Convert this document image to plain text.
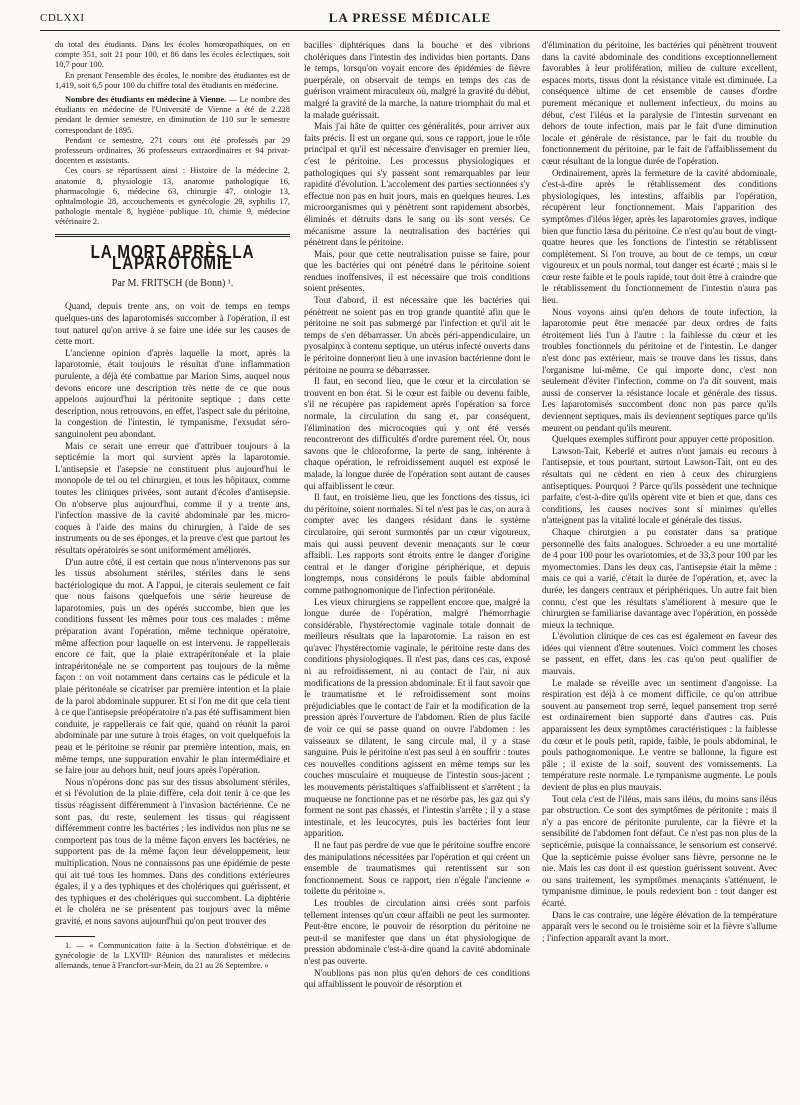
CDLXXI	LA PRESSE MÉDICALE

du total des étudiants. Dans les écoles homœopathiques, on en compte 351, soit 21 pour 100, et 86 dans les écoles éclectiques, soit 10,7 pour 100.

En prenant l'ensemble des écoles, le nombre des étudiantes est de 1,419, soit 6,5 pour 100 du chiffre total des étudiants en médecine.

Nombre des étudiants en médecine à Vienne. — Le nombre des étudiants en médecine de l'Université de Vienne a été de 2.228 pendant le dernier semestre, en diminution de 110 sur le semestre correspondant de 1895.

Pendant ce semestre, 271 cours ont été professés par 29 professeurs ordinaires, 36 professeurs extraordinaires et 94 privat-docenten et assistants.

Ces cours se répartissent ainsi : Histoire de la médecine 2, anatomie 8, physiologie 13, anatomie pathologique 16, pharmacologie 6, médecine 63, chirurgie 47, otologie 13, ophtalmologie 28, accouchements et gynécologie 29, syphilis 17, pathologie mentale 8, hygiène publique 10, chimie 9, médecine vétérinaire 2.

LA MORT APRÈS LA LAPAROTOMIE
Par M. FRITSCH (de Bonn) ¹.

Quand, depuis trente ans, on voit de temps en temps quelques-uns des laparotomisés succomber à l'opération, il est tout naturel qu'on arrive à se faire une idée sur les causes de cette mort.

L'ancienne opinion d'après laquelle la mort, après la laparotomie, était toujours le résultat d'une inflammation purulente, a déjà été combattue par Marion Sims, auquel nous devons encore une description très nette de ce que nous appelons aujourd'hui la péritonite septique ; dans cette description, nous retrouvons, en effet, l'aspect sale du péritoine, la congestion de l'intestin, le tympanisme, l'exsudat séro-sanguinolent peu abondant.

Mais ce serait une erreur que d'attribuer toujours à la septicémie la mort qui survient après la laparotomie. L'antisepsie et l'asepsie ne constituent plus aujourd'hui le monopole de tel ou tel chirurgien, et tous les hôpitaux, comme toutes les cliniques privées, sont autant d'écoles d'antisepsie. On n'observe plus aujourd'hui, comme il y a trente ans, l'infection massive de la cavité abdominale par les micro-coques à l'aide des mains du chirurgien, à l'aide de ses instruments ou de ses éponges, et la preuve c'est que partout les résultats opératoires se sont uniformément améliorés.

D'un autre côté, il est certain que nous n'intervenons pas sur les tissus absolument stériles, stériles dans le sens bactériologique du mot. A l'appui, je citerais seulement ce fait que nous faisons quelquefois une série heureuse de laparotomies, puis un des opérés succombe, bien que les conditions fussent les mêmes pour tous ces malades : même préparation avant l'opération, même technique opératoire, même affection pour laquelle on est intervenu. Je rappellerais encore ce fait, que la plaie extrapéritonéale et la plaie intrapéritonéale ne se comportent pas toujours de la même façon : on voit notamment dans certains cas le pédicule et la plaie péritonéale se cicatriser par première intention et la plaie de la paroi abdominale suppurer. Et si l'on me dit que cela tient à ce que l'antisepsie préopératoire n'a pas été suffisamment bien conduite, je rappellerais ce fait que, quand on réunit la paroi abdominale par une suture à trois étages, on voit quelquefois la peau et le péritoine se réunir par première intention, mais, en même temps, une suppuration envahir le plan intermédiaire et se faire jour au dehors huit, neuf jours après l'opération.

Nous n'opérons donc pas sur des tissus absolument stériles, et si l'évolution de la plaie diffère, cela doit tenir à ce que les tissus réagissent différemment à l'invasion bactérienne. Ce ne sont pas, du reste, seulement les tissus qui réagissent différemment contre les bactéries ; les individus non plus ne se comportent pas tous de la même façon envers les bactéries, ne supportent pas de la même façon leur développement, leur multiplication. Nous ne connaissons pas une épidémie de peste qui ait tué tous les hommes. Dans des conditions extérieures égales, il y a des typhiques et des cholériques qui guérissent, et des typhiques et des cholériques qui succombent. La diphtérie et le choléra ne se présentent pas toujours avec la même gravité, et nous savons aujourd'hui qu'on peut trouver des

1. — « Communication faite à la Section d'obstétrique et de gynécologie de la LXVIIIᵉ Réunion des naturalistes et médecins allemands, tenue à Francfort-sur-Mein, du 21 au 26 Septembre. »

bacilles diphtériques dans la bouche et des vibrions cholériques dans l'intestin des individus bien portants. Dans le temps, lorsqu'on voyait encore des épidémies de fièvre puerpérale, on observait de temps en temps des cas de guérison vraiment miraculeux où, malgré la gravité du début, malgré la gravité de la marche, la nature triomphait du mal et la malade guérissait.

Mais j'ai hâte de quitter ces généralités, pour arriver aux faits précis. Il est un organe qui, sous ce rapport, joue le rôle principal et qu'il est nécessaire d'envisager en premier lieu, c'est le péritoine. Les processus physiologiques et pathologiques qui s'y passent sont remarquables par leur rapidité d'évolution. L'accolement des parties sectionnées s'y effectue non pas en huit jours, mais en quelques heures. Les microorganismes qui y pénètrent sont rapidement absorbés, éliminés et détruits dans le sang ou ils sont versés. Ce mécanisme assure la neutralisation des bactéries qui pénètrent dans le péritoine.

Mais, pour que cette neutralisation puisse se faire, pour que les bactéries qui ont pénétré dans le péritoine soient rendues inoffensives, il est nécessaire que trois conditions soient présentes.

Tout d'abord, il est nécessaire que les bactéries qui pénètrent ne soient pas en trop grande quantité afin que le péritoine ne soit pas submergé par l'infection et qu'il ait le temps de s'en débarrasser. Un abcès péri-appendiculaire, un pyosalpinx à contenu septique, un utérus infecté ouverts dans le péritoine donneront lieu à une invasion bactérienne dont le péritoine ne pourra se débarrasser.

Il faut, en second lieu, que le cœur et la circulation se trouvent en bon état. Si le cœur est faible ou devenu faible, s'il ne récupère pas rapidement après l'opération sa force normale, la circulation du sang et, par conséquent, l'élimination des microcoques qui y ont été versés rencontreront des difficultés d'ordre purement réel. Or, nous savons que le chloroforme, la perte de sang, inhérente à chaque opération, le refroidissement auquel est exposé le malade, la longue durée de l'opération sont autant de causes qui affaiblissent le cœur.

Il faut, en troisième lieu, que les fonctions des tissus, ici du péritoine, soient normales. Si tel n'est pas le cas, on aura à compter avec les dangers résidant dans le système circulatoire, qui seront surmontés par un cœur vigoureux, mais qui aussi peuvent devenir menaçants sur le cœur affaibli. Les rapports sont étroits entre le danger d'origine central et le danger d'origine périphérique, et depuis longtemps, nous considérons le pouls faible abdominal comme pathognomonique de l'infection péritonéale.

Les vieux chirurgiens se rappellent encore que, malgré la longue durée de l'opération, malgré l'hémorrhagie considérable, l'hystérectomie vaginale totale donnait de meilleurs résultats que la laparotomie. La raison en est qu'avec l'hystérectomie vaginale, le péritoine reste dans des conditions physiologiques. Il n'est pas, dans ces cas, exposé ni au refroidissement, ni au contact de l'air, ni aux modifications de la pression abdominale. Et il faut savoir que le traumatisme et le refroidissement sont moins préjudiciables que le contact de l'air et la modification de la pression après l'ouverture de l'abdomen. Rien de plus facile de voir ce qui se passe quand on ouvre l'abdomen : les vaisseaux se dilatent, le sang circule mal, il y a stase sanguine. Puis le péritoine n'est pas seul à en souffrir : toutes ces nouvelles conditions agissent en même temps sur les couches musculaire et muqueuse de l'intestin sous-jacent ; les mouvements péristaltiques s'affaiblissent et s'arrêtent ; la muqueuse ne fonctionne pas et ne résorbe pas, les gaz qui s'y forment ne sont pas chassés, et l'intestin s'arrête ; il y a stase intestinale, et les leucocytes, puis les bactéries font leur apparition.

Il ne faut pas perdre de vue que le péritoine souffre encore des manipulations nécessitées par l'opération et qui créent un ensemble de traumatismes qui retentissent sur son fonctionnement. Sous ce rapport, rien n'égale l'ancienne « toilette du péritoine ».

Les troubles de circulation ainsi créés sont parfois tellement intenses qu'un cœur affaibli ne peut les surmonter. Peut-être encore, le pouvoir de résorption du péritoine ne peut-il se manifester que dans un état physiologique de pression abdominale c'est-à-dire quand la cavité abdominale n'est pas ouverte.

N'oublions pas non plus qu'en dehors de ces conditions qui affaiblissent le pouvoir de résorption et

d'élimination du péritoine, les bactéries qui pénètrent trouvent dans la cavité abdominale des conditions exceptionnellement favorables à leur prolifération, milieu de culture excellent, espaces morts, tissus dont la résistance vitale est diminuée. La conséquence ultime de cet ensemble de causes d'ordre purement mécanique et nullement infectieux, du moins au début, c'est l'iléus et la paralysie de l'intestin survenant en dehors de toute infection, mais par le fait d'une diminution locale et générale de résistance, par le fait du trouble du fonctionnement du péritoine, par le fait de l'affaiblissement du cœur résultant de la longue durée de l'opération.

Ordinairement, après la fermeture de la cavité abdominale, c'est-à-dire après le rétablissement des conditions physiologiques, les intestins, affaiblis par l'opération, récupèrent leur fonctionnement. Mais l'apparition des symptômes d'iléus léger, après les laparotomies graves, indique bien que functio læsa du péritoine. Ce n'est qu'au bout de vingt-quatre heures que les fonctions de l'intestin se rétablissent complètement. Si l'on trouve, au bout de ce temps, un cœur vigoureux et un pouls normal, tout danger est écarté ; mais si le cœur reste faible et le pouls rapide, tout doit être à craindre que le rétablissement du fonctionnement de l'intestin n'aura pas lieu.

Nous voyons ainsi qu'en dehors de toute infection, la laparotomie peut être menacée par deux ordres de faits étroitement liés l'un à l'autre : la faiblesse du cœur et les troubles fonctionnels du péritoine et de l'intestin. Le danger n'est donc pas extérieur, mais se trouve dans les tissus, dans l'organisme lui-même. Ce qui importe donc, c'est non seulement d'éviter l'infection, comme on l'a dit souvent, mais aussi de conserver la résistance locale et générale des tissus. Les laparotomisés succombent donc non pas parce qu'ils deviennent septiques, mais ils deviennent septiques parce qu'ils meurent ou pendant qu'ils meurent.

Quelques exemples suffiront pour appuyer cette proposition.

Lawson-Tait, Keberlé et autres n'ont jamais eu recours à l'antisepsie, et tous pourtant, surtout Lawson-Tait, ont eu des résultats qui ne cèdent en rien à ceux des chirurgiens antiseptiques. Pourquoi ? Parce qu'ils possèdent une technique parfaite, c'est-à-dire qu'ils opèrent vite et bien et que, dans ces conditions, les causes nocives sont si minimes qu'elles n'atteignent pas la vitalité locale et générale des tissus.

Chaque chirurgien a pu constater dans sa pratique personnelle des faits analogues. Schroeder a eu une mortalité de 4 pour 100 pour les ovariotomies, et de 33,3 pour 100 par les myomectomies. Dans les deux cas, l'antisepsie était la même : mais ce qui a varié, c'était la durée de l'opération, et, avec la durée, les dangers centraux et périphériques. Un autre fait bien connu, c'est que les résultats s'améliorent à mesure que le chirurgien se familiarise davantage avec l'opération, en possède mieux la technique.

L'évolution clinique de ces cas est également en faveur des idées qui viennent d'être soutenues. Voici comment les choses se passent, en effet, dans les cas qu'on peut qualifier de mauvais.

Le malade se réveille avec un sentiment d'angoisse. La respiration est déjà à ce moment difficile, ce qu'on attribue souvent au pansement trop serré, lequel pansement trop serré est ordinairement bien supporté dans d'autres cas. Puis apparaissent les deux symptômes caractéristiques : la faiblesse du cœur et le pouls petit, rapide, faible, le pouls abdominal, le pouls pathognomonique. Le ventre se ballonne, la figure est pâle ; il existe de la soif, souvent des vomissements. La température reste normale. Le tympanisme augmente. Le pouls devient de plus en plus mauvais.

Tout cela c'est de l'iléus, mais sans iléus, du moins sans iléus par obstruction. Ce sont des symptômes de péritonite ; mais il n'y a pas encore de péritonite purulente, car la fièvre et la sensibilité de l'abdomen font défaut. Ce n'est pas non plus de la septicémie, puisque la connaissance, le sensorium est conservé. Que la septicémie puisse évoluer sans fièvre, personne ne le nie. Mais les cas dont il est question guérissent souvent. Avec ou sans traitement, les symptômes menaçants s'atténuent, le tympanisme diminue, le pouls redevient bon : tout danger est écarté.

Dans le cas contraire, une légère élévation de la température apparaît vers le second ou le troisième soir et la fièvre s'allume ; l'infection apparaît avant la mort.
